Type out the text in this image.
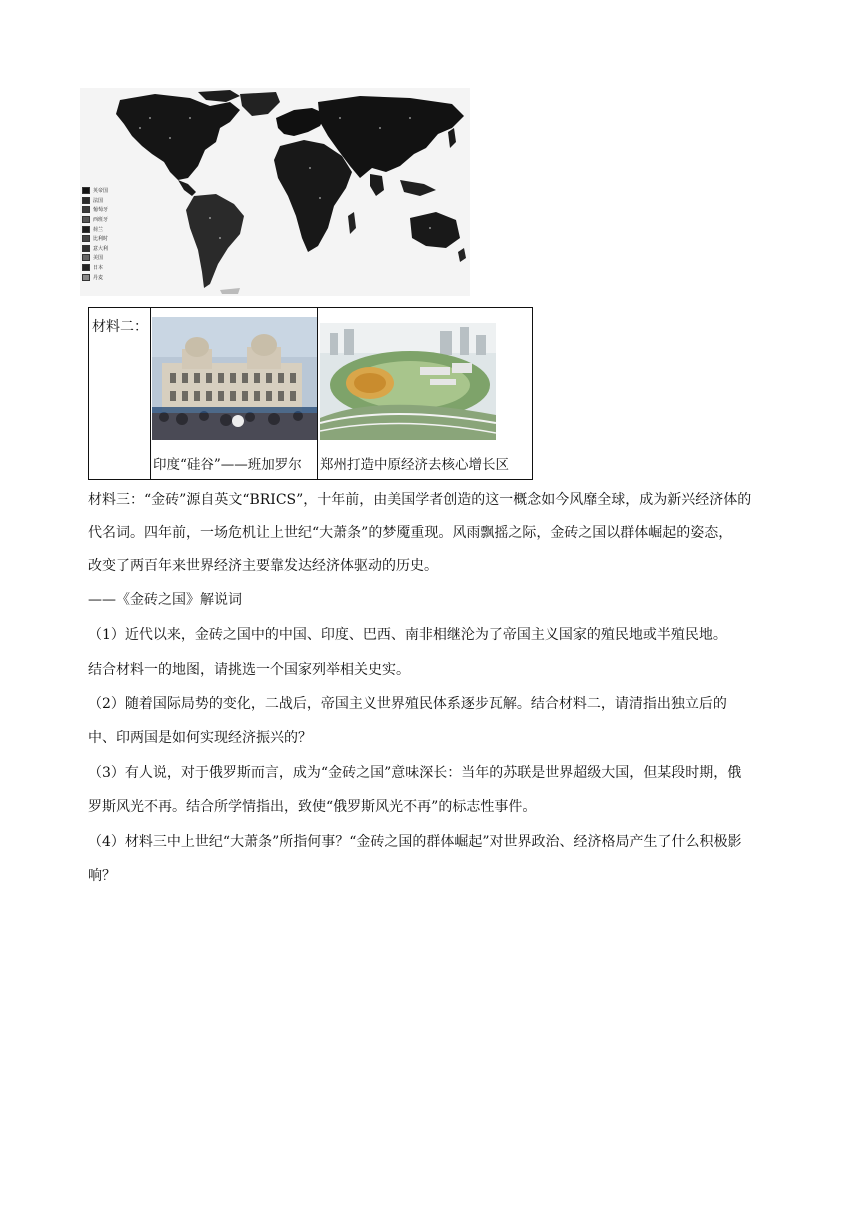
英帝国
法国
葡萄牙
西班牙
荷兰
比利时
意大利
美国
日本
丹麦
材料二：
印度“硅谷”——班加罗尔 郑州打造中原经济去核心增长区
材料三：“金砖”源自英文“BRICS”，十年前，由美国学者创造的这一概念如今风靡全球，成为新兴经济体的
代名词。四年前，一场危机让上世纪“大萧条”的梦魇重现。风雨飘摇之际，金砖之国以群体崛起的姿态，
改变了两百年来世界经济主要靠发达经济体驱动的历史。
——《金砖之国》解说词
（1）近代以来，金砖之国中的中国、印度、巴西、南非相继沦为了帝国主义国家的殖民地或半殖民地。
结合材料一的地图，请挑选一个国家列举相关史实。
（2）随着国际局势的变化，二战后，帝国主义世界殖民体系逐步瓦解。结合材料二，请清指出独立后的
中、印两国是如何实现经济振兴的？
（3）有人说，对于俄罗斯而言，成为“金砖之国”意味深长：当年的苏联是世界超级大国，但某段时期，俄
罗斯风光不再。结合所学情指出，致使“俄罗斯风光不再”的标志性事件。
（4）材料三中上世纪“大萧条”所指何事？“金砖之国的群体崛起”对世界政治、经济格局产生了什么积极影
响？
